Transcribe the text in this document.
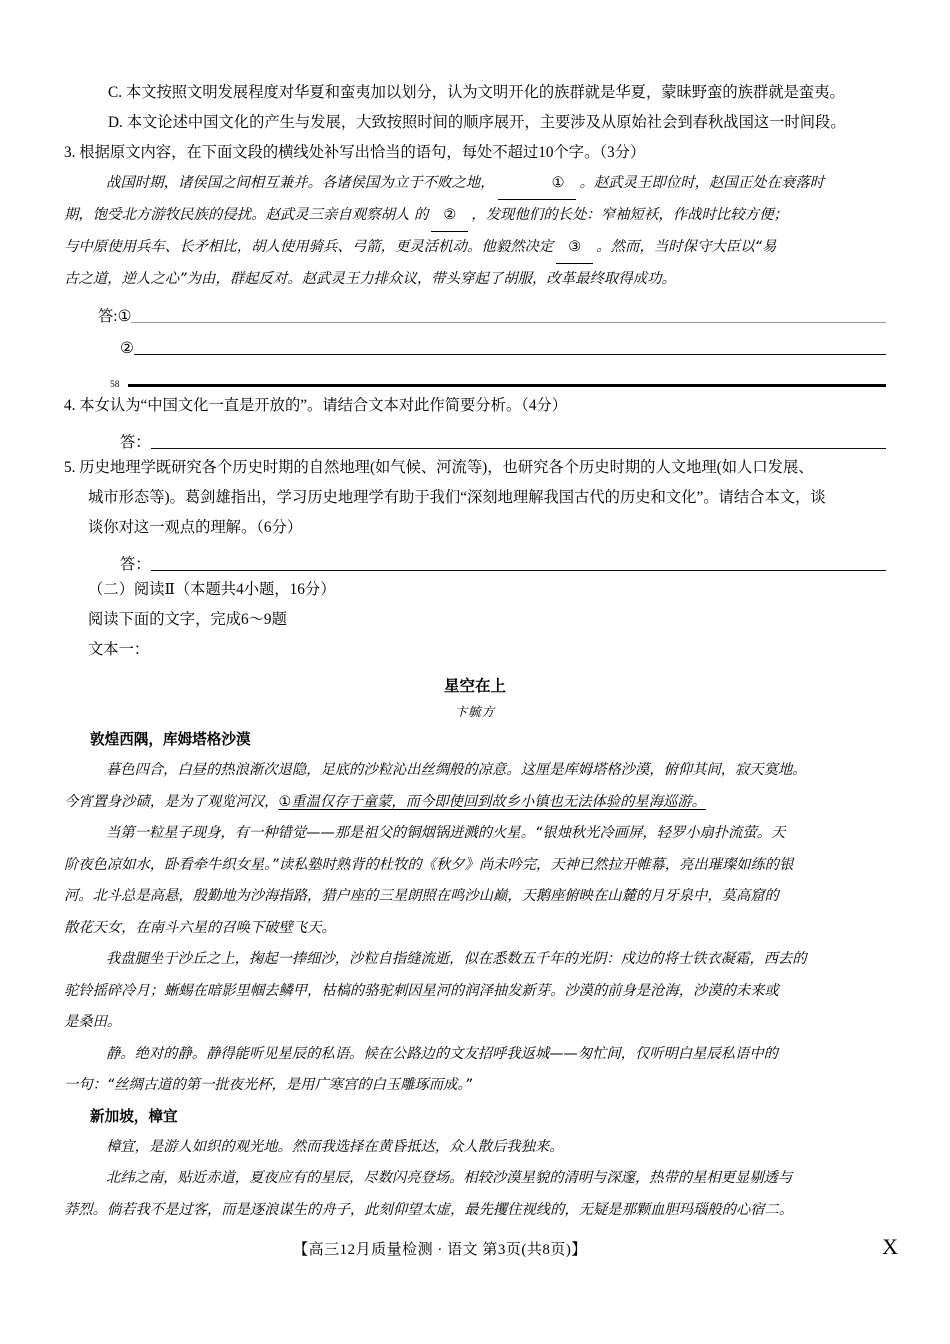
C. 本文按照文明发展程度对华夏和蛮夷加以划分，认为文明开化的族群就是华夏，蒙昧野蛮的族群就是蛮夷。
D. 本文论述中国文化的产生与发展，大致按照时间的顺序展开，主要涉及从原始社会到春秋战国这一时间段。
3. 根据原文内容，在下面文段的横线处补写出恰当的语句，每处不超过10个字。（3分）
战国时期，诸侯国之间相互兼并。各诸侯国为立于不败之地，	① 。赵武灵王即位时，赵国正处在衰落时
期，饱受北方游牧民族的侵扰。赵武灵三亲自观察胡人 的 ② ，发现他们的长处：窄袖短袄，作战时比较方便；
与中原使用兵车、长矛相比，胡人使用骑兵、弓箭，更灵活机动。他毅然决定 ③ 。然而，当时保守大臣以“易
古之道，逆人之心”为由，群起反对。赵武灵王力排众议，带头穿起了胡服，改革最终取得成功。
答: ①
②
58
4. 本女认为“中国文化一直是开放的”。请结合文本对此作简要分析。（4分）
答：
5. 历史地理学既研究各个历史时期的自然地理(如气候、河流等)，也研究各个历史时期的人文地理(如人口发展、
城市形态等)。葛剑雄指出，学习历史地理学有助于我们“深刻地理解我国古代的历史和文化”。请结合本文，谈
谈你对这一观点的理解。（6分）
答：
（二）阅读Ⅱ（本题共4小题，16分）
阅读下面的文字，完成6～9题
文本一：
星空在上
卞毓方
敦煌西隅，库姆塔格沙漠
暮色四合，白昼的热浪渐次退隐，足底的沙粒沁出丝绸般的凉意。这厘是库姆塔格沙漠，俯仰其间，寂天寞地。
今宵置身沙碛，是为了观览河汉，①重温仅存于童蒙，而今即使回到故乡小镇也无法体验的星海巡游。
当第一粒星子现身，有一种错觉——那是祖父的铜烟锅迸溅的火星。“银烛秋光冷画屏，轻罗小扇扑流萤。天
阶夜色凉如水，卧看牵牛织女星。”读私塾时熟背的杜牧的《秋夕》尚未吟完，天神已然拉开帷幕，亮出璀璨如练的银
河。北斗总是高悬，殷勤地为沙海指路，猎户座的三星朗照在鸣沙山巅，天鹅座俯映在山麓的月牙泉中，莫高窟的
散花天女，在南斗六星的召唤下破壁飞天。
我盘腿坐于沙丘之上，掬起一捧细沙，沙粒自指缝流逝，似在悉数五千年的光阴：戍边的将士铁衣凝霜，西去的
驼铃摇碎冷月；蜥蜴在暗影里帼去鳞甲，枯槁的骆驼刺因星河的润泽抽发新芽。沙漠的前身是沧海，沙漠的未来或
是桑田。
静。绝对的静。静得能听见星辰的私语。候在公路边的文友招呼我返城——匆忙间，仅听明白星辰私语中的
一句：“丝绸古道的第一批夜光杯，是用广寒宫的白玉雕琢而成。”
新加坡，樟宜
樟宜，是游人如织的观光地。然而我选择在黄昏抵达，众人散后我独来。
北纬之南，贴近赤道，夏夜应有的星辰，尽数闪亮登场。相较沙漠星貌的清明与深邃，热带的星相更显剔透与
莽烈。倘若我不是过客，而是逐浪谋生的舟子，此刻仰望太虚，最先攫住视线的，无疑是那颗血胆玛瑙般的心宿二。
【高三12月质量检测 · 语文 第3页(共8页)】	X
